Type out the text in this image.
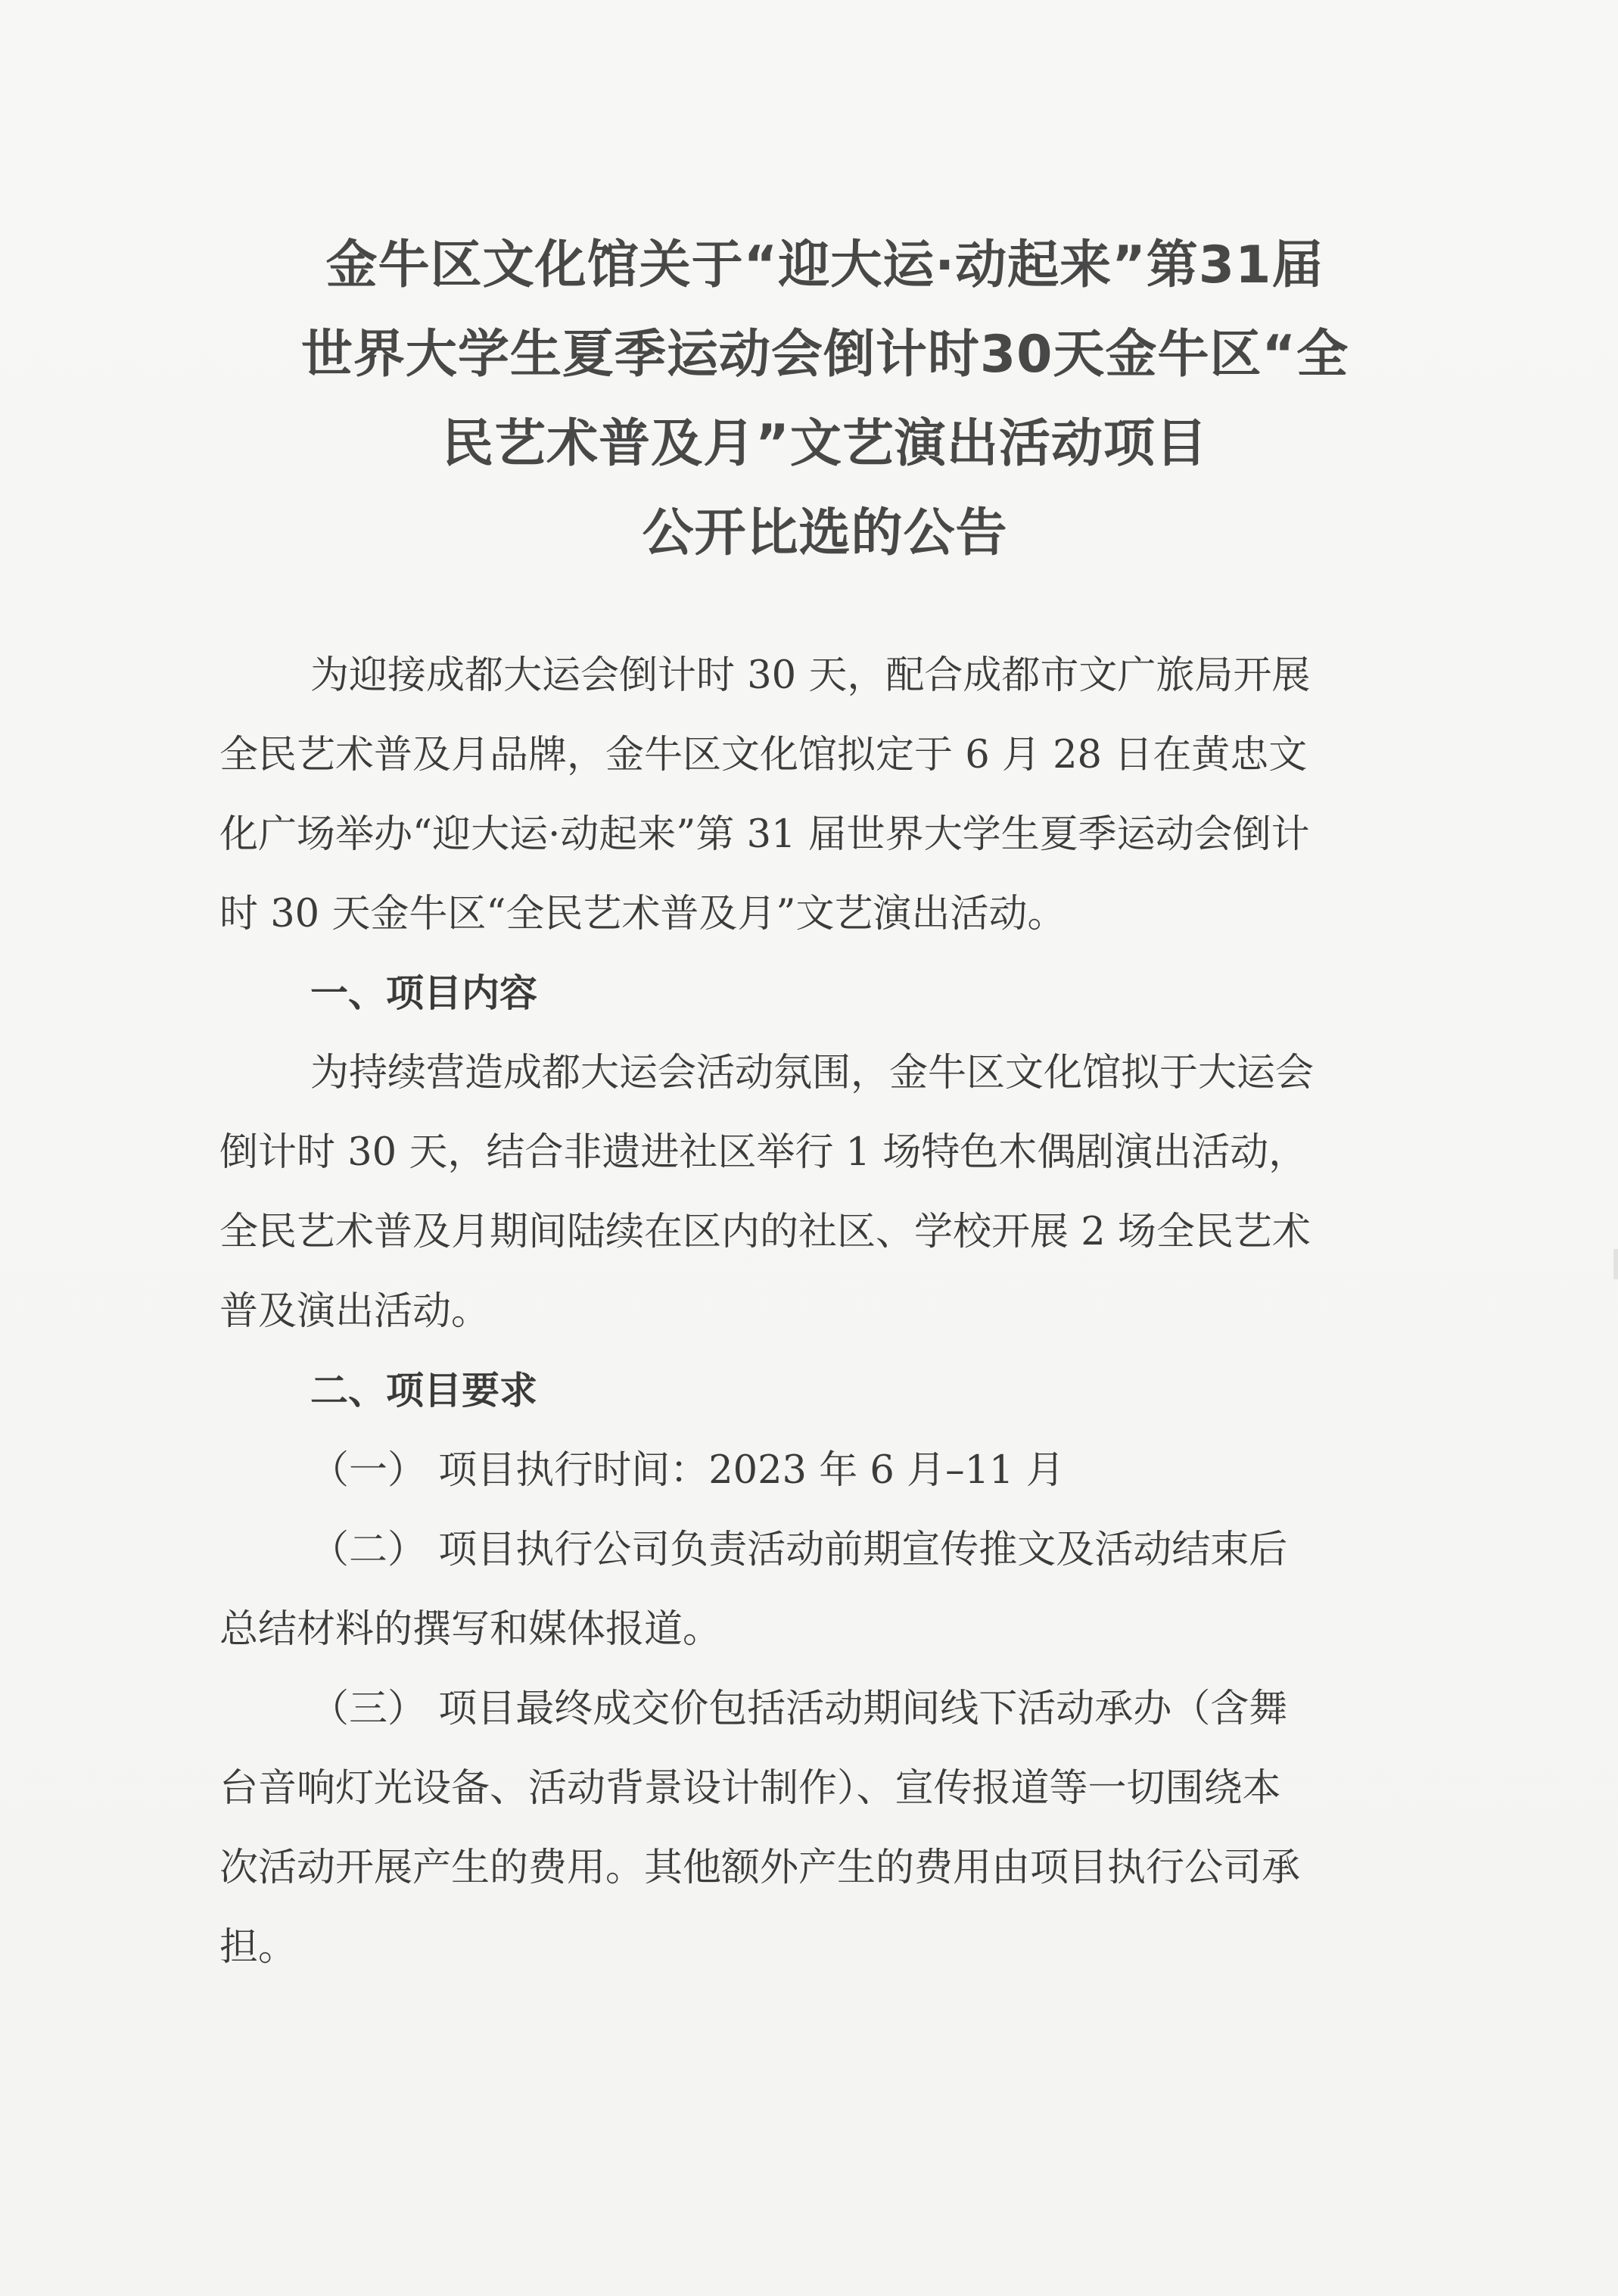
金牛区文化馆关于“迎大运·动起来”第31届
世界大学生夏季运动会倒计时30天金牛区“全
民艺术普及月”文艺演出活动项目
公开比选的公告
为迎接成都大运会倒计时 30 天，配合成都市文广旅局开展
全民艺术普及月品牌，金牛区文化馆拟定于 6 月 28 日在黄忠文
化广场举办“迎大运·动起来”第 31 届世界大学生夏季运动会倒计
时 30 天金牛区“全民艺术普及月”文艺演出活动。
一、项目内容
为持续营造成都大运会活动氛围，金牛区文化馆拟于大运会
倒计时 30 天，结合非遗进社区举行 1 场特色木偶剧演出活动，
全民艺术普及月期间陆续在区内的社区、学校开展 2 场全民艺术
普及演出活动。
二、项目要求
（一） 项目执行时间：2023 年 6 月–11 月
（二） 项目执行公司负责活动前期宣传推文及活动结束后
总结材料的撰写和媒体报道。
（三） 项目最终成交价包括活动期间线下活动承办（含舞
台音响灯光设备、活动背景设计制作）、宣传报道等一切围绕本
次活动开展产生的费用。其他额外产生的费用由项目执行公司承
担。
